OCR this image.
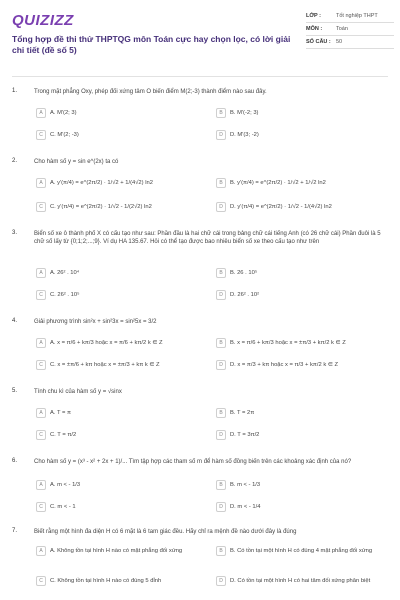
QUIZIZZ
Tổng hợp đề thi thử THPTQG môn Toán cực hay chọn lọc, có lời giải chi tiết (đề số 5)
LỚP :	Tốt nghiệp THPT
MÔN :	Toán
SỐ CÂU : 50
1.	Trong mặt phẳng Oxy, phép đối xứng tâm O biến điểm M(2;-3) thành điểm nào sau đây.
A	A. M'(2; 3)	B	B. M'(-2; 3)
C	C. M'(2; -3)	D	D. M'(3; -2)
2.	Cho hàm số y = sin e^(2x) ta có
A	A. y'(π/4) = e^(2π/2) · 1/√2 + 1/(4√2) ln2	B	B. y'(π/4) = e^(2π/2) · 1/√2 + 1/√2 ln2
C	C. y'(π/4) = e^(2π/2) · 1/√2 - 1/(2√2) ln2	D	D. y'(π/4) = e^(2π/2) · 1/√2 - 1/(4√2) ln2
3.	Biển số xe ô thành phố X có cấu tạo như sau: Phần đầu là hai chữ cái trong bảng chữ cái tiếng Anh (có 26 chữ cái) Phần đuôi là 5 chữ số lấy từ {0;1;2;...;9}. Ví dụ HA 135.67. Hỏi có thể tạo được bao nhiêu biển số xe theo cấu tạo như trên
A	A. 26² . 10⁴	B	B. 26 . 10⁵
C	C. 26² . 10⁵	D	D. 26² . 10²
4.	Giải phương trình sin²x + sin²3x = sin²5x = 3/2
A	A. x = π/6 + kπ/3 hoặc x = π/6 + kπ/2 k ∈ Z	B	B. x = π/6 + kπ/3 hoặc x = ±π/3 + kπ/2 k ∈ Z
C	C. x = ±π/6 + kπ hoặc x = ±π/3 + kπ k ∈ Z	D	D. x = π/3 + kπ hoặc x = π/3 + kπ/2 k ∈ Z
5.	Tính chu kì của hàm số y = √sinx
A	A. T = π	B	B. T = 2π
C	C. T = π/2	D	D. T = 3π/2
6.	Cho hàm số y = (x³ - x² + 2x + 1)/... Tìm tập hợp các tham số m để hàm số đồng biến trên các khoảng xác định của nó?
A	A. m < - 1/3	B	B. m < - 1/3
C	C. m < - 1	D	D. m < - 1/4
7.	Biết rằng một hình đa diện H có 6 mặt là 6 tam giác đều. Hãy chỉ ra mệnh đề nào dưới đây là đúng
A	A. Không tồn tại hình H nào có mặt phẳng đối xứng	B	B. Có tồn tại một hình H có đúng 4 mặt phẳng đối xứng
C	C. Không tồn tại hình H nào có đúng 5 đỉnh	D	D. Có tồn tại một hình H có hai tâm đối xứng phân biệt
